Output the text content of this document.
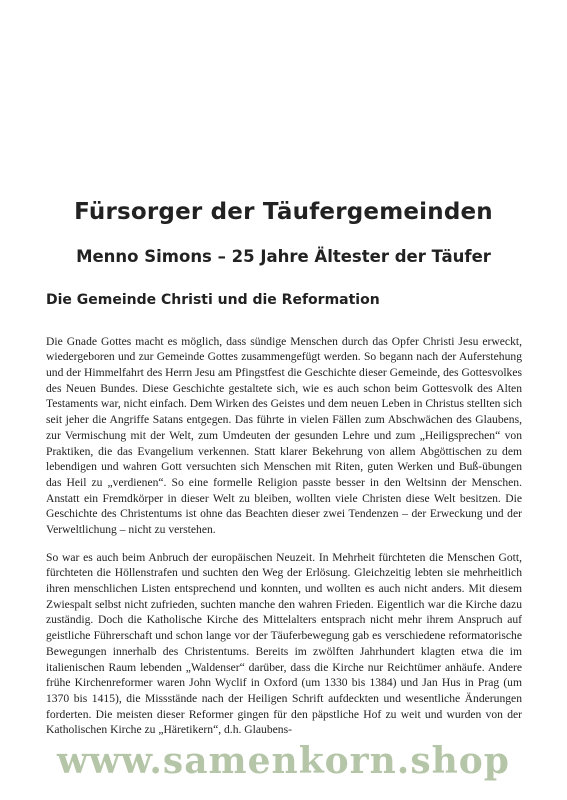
Fürsorger der Täufergemeinden
Menno Simons – 25 Jahre Ältester der Täufer
Die Gemeinde Christi und die Reformation

Die Gnade Gottes macht es möglich, dass sündige Menschen durch das Opfer Christi Jesu erweckt, wiedergeboren und zur Gemeinde Gottes zusammengefügt werden. So begann nach der Auferstehung und der Himmelfahrt des Herrn Jesu am Pfingstfest die Geschichte dieser Gemeinde, des Gottesvolkes des Neuen Bundes. Diese Geschichte gestaltete sich, wie es auch schon beim Gottesvolk des Alten Testaments war, nicht einfach. Dem Wirken des Geistes und dem neuen Leben in Christus stellten sich seit jeher die Angriffe Satans entgegen. Das führte in vielen Fällen zum Abschwächen des Glaubens, zur Vermischung mit der Welt, zum Umdeuten der gesunden Lehre und zum „Heiligsprechen“ von Praktiken, die das Evangelium verkennen. Statt klarer Bekehrung von allem Abgöttischen zu dem lebendigen und wahren Gott versuchten sich Menschen mit Riten, guten Werken und Buß-übungen das Heil zu „verdienen“. So eine formelle Religion passte besser in den Weltsinn der Menschen. Anstatt ein Fremdkörper in dieser Welt zu bleiben, wollten viele Christen diese Welt besitzen. Die Geschichte des Christentums ist ohne das Beachten dieser zwei Tendenzen – der Erweckung und der Verweltlichung – nicht zu verstehen.

So war es auch beim Anbruch der europäischen Neuzeit. In Mehrheit fürchteten die Menschen Gott, fürchteten die Höllenstrafen und suchten den Weg der Erlösung. Gleichzeitig lebten sie mehrheitlich ihren menschlichen Listen entsprechend und konnten, und wollten es auch nicht anders. Mit diesem Zwiespalt selbst nicht zufrieden, suchten manche den wahren Frieden. Eigentlich war die Kirche dazu zuständig. Doch die Katholische Kirche des Mittelalters entsprach nicht mehr ihrem Anspruch auf geistliche Führerschaft und schon lange vor der Täuferbewegung gab es verschiedene reformatorische Bewegungen innerhalb des Christentums. Bereits im zwölften Jahrhundert klagten etwa die im italienischen Raum lebenden „Waldenser“ darüber, dass die Kirche nur Reichtümer anhäufe. Andere frühe Kirchenreformer waren John Wyclif in Oxford (um 1330 bis 1384) und Jan Hus in Prag (um 1370 bis 1415), die Missstände nach der Heiligen Schrift aufdeckten und wesentliche Änderungen forderten. Die meisten dieser Reformer gingen für den päpstliche Hof zu weit und wurden von der Katholischen Kirche zu „Häretikern“, d.h. Glaubens-

www.samenkorn.shop
